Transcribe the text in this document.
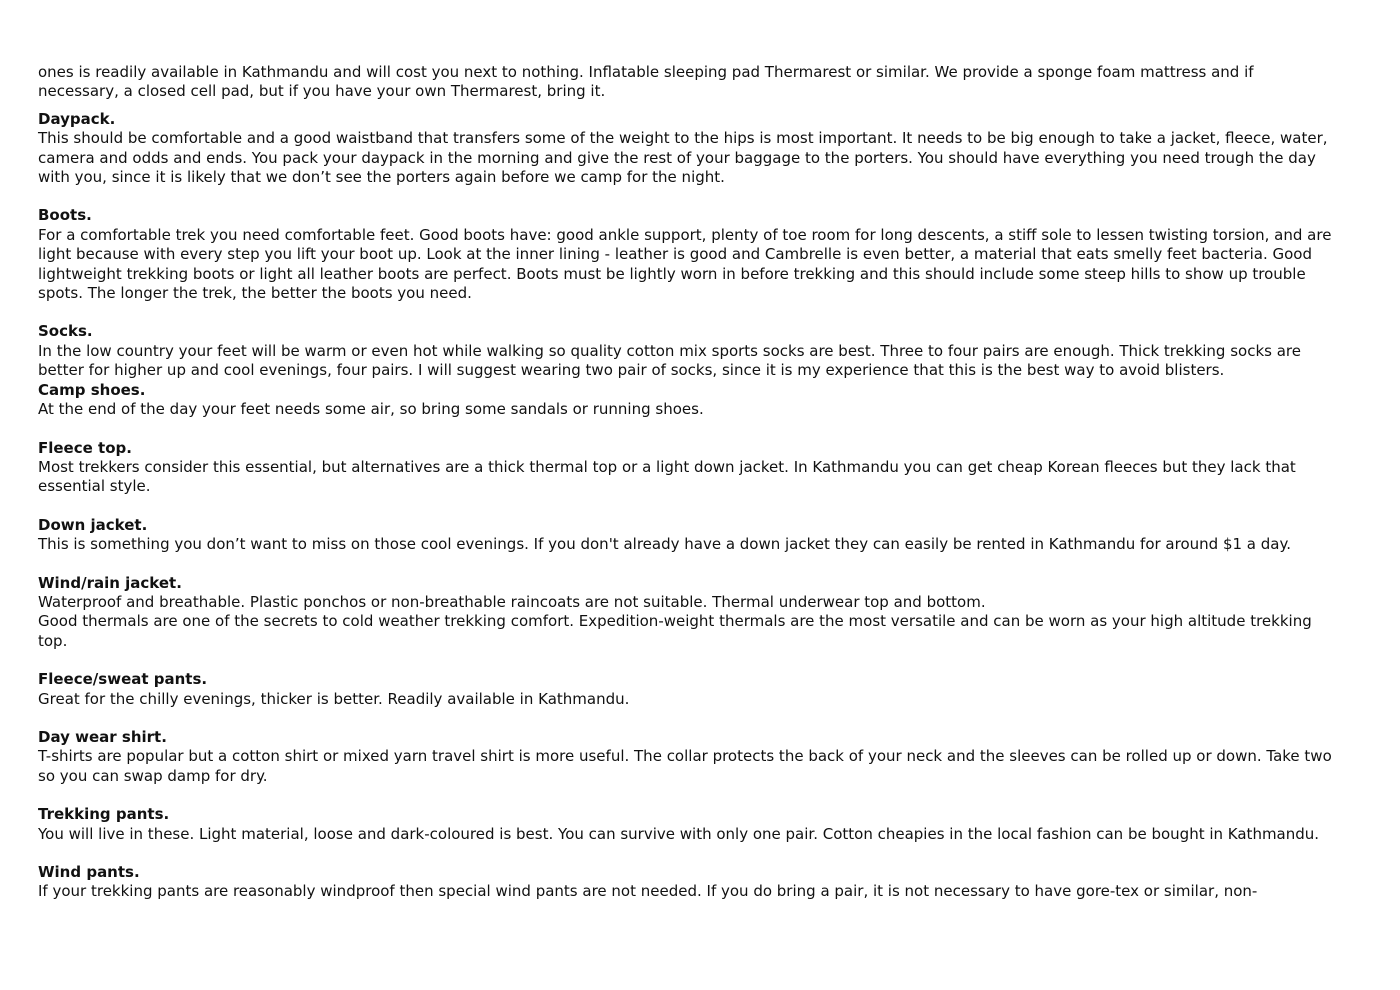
ones is readily available in Kathmandu and will cost you next to nothing. Inflatable sleeping pad Thermarest or similar. We provide a sponge foam mattress and if necessary, a closed cell pad, but if you have your own Thermarest, bring it.

Daypack.

This should be comfortable and a good waistband that transfers some of the weight to the hips is most important. It needs to be big enough to take a jacket, fleece, water, camera and odds and ends. You pack your daypack in the morning and give the rest of your baggage to the porters. You should have everything you need trough the day with you, since it is likely that we don’t see the porters again before we camp for the night.

Boots.

For a comfortable trek you need comfortable feet. Good boots have: good ankle support, plenty of toe room for long descents, a stiff sole to lessen twisting torsion, and are light because with every step you lift your boot up. Look at the inner lining - leather is good and Cambrelle is even better, a material that eats smelly feet bacteria. Good lightweight trekking boots or light all leather boots are perfect. Boots must be lightly worn in before trekking and this should include some steep hills to show up trouble spots. The longer the trek, the better the boots you need.

Socks.

In the low country your feet will be warm or even hot while walking so quality cotton mix sports socks are best. Three to four pairs are enough. Thick trekking socks are better for higher up and cool evenings, four pairs. I will suggest wearing two pair of socks, since it is my experience that this is the best way to avoid blisters.

Camp shoes.

At the end of the day your feet needs some air, so bring some sandals or running shoes.

Fleece top.

Most trekkers consider this essential, but alternatives are a thick thermal top or a light down jacket. In Kathmandu you can get cheap Korean fleeces but they lack that essential style.

Down jacket.

This is something you don’t want to miss on those cool evenings. If you don't already have a down jacket they can easily be rented in Kathmandu for around $1 a day.

Wind/rain jacket.

Waterproof and breathable. Plastic ponchos or non-breathable raincoats are not suitable. Thermal underwear top and bottom.

Good thermals are one of the secrets to cold weather trekking comfort. Expedition-weight thermals are the most versatile and can be worn as your high altitude trekking top.

Fleece/sweat pants.

Great for the chilly evenings, thicker is better. Readily available in Kathmandu.

Day wear shirt.

T-shirts are popular but a cotton shirt or mixed yarn travel shirt is more useful. The collar protects the back of your neck and the sleeves can be rolled up or down. Take two so you can swap damp for dry.

Trekking pants.

You will live in these. Light material, loose and dark-coloured is best. You can survive with only one pair. Cotton cheapies in the local fashion can be bought in Kathmandu.

Wind pants.

If your trekking pants are reasonably windproof then special wind pants are not needed. If you do bring a pair, it is not necessary to have gore-tex or similar, non-
